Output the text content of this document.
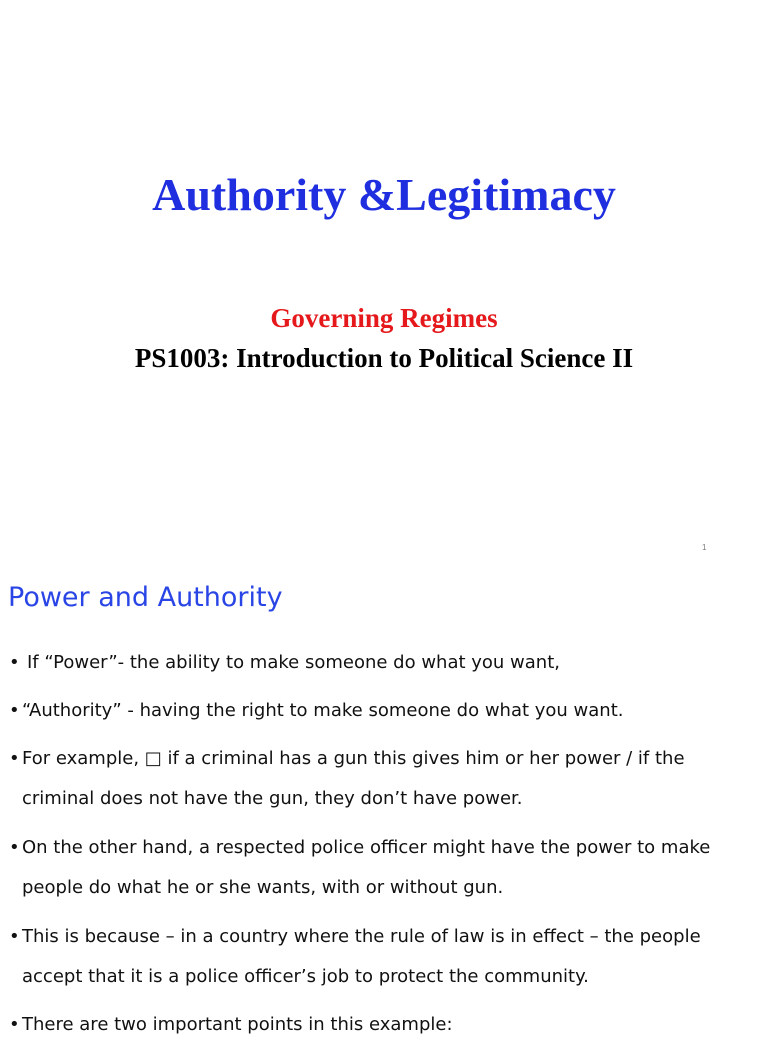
Authority &Legitimacy
Governing Regimes
PS1003: Introduction to Political Science II
1
Power and Authority
• If “Power”- the ability to make someone do what you want,
• “Authority” - having the right to make someone do what you want.
• For example, □ if a criminal has a gun this gives him or her power / if the criminal does not have the gun, they don’t have power.
• On the other hand, a respected police officer might have the power to make people do what he or she wants, with or without gun.
• This is because – in a country where the rule of law is in effect – the people accept that it is a police officer’s job to protect the community.
• There are two important points in this example:
